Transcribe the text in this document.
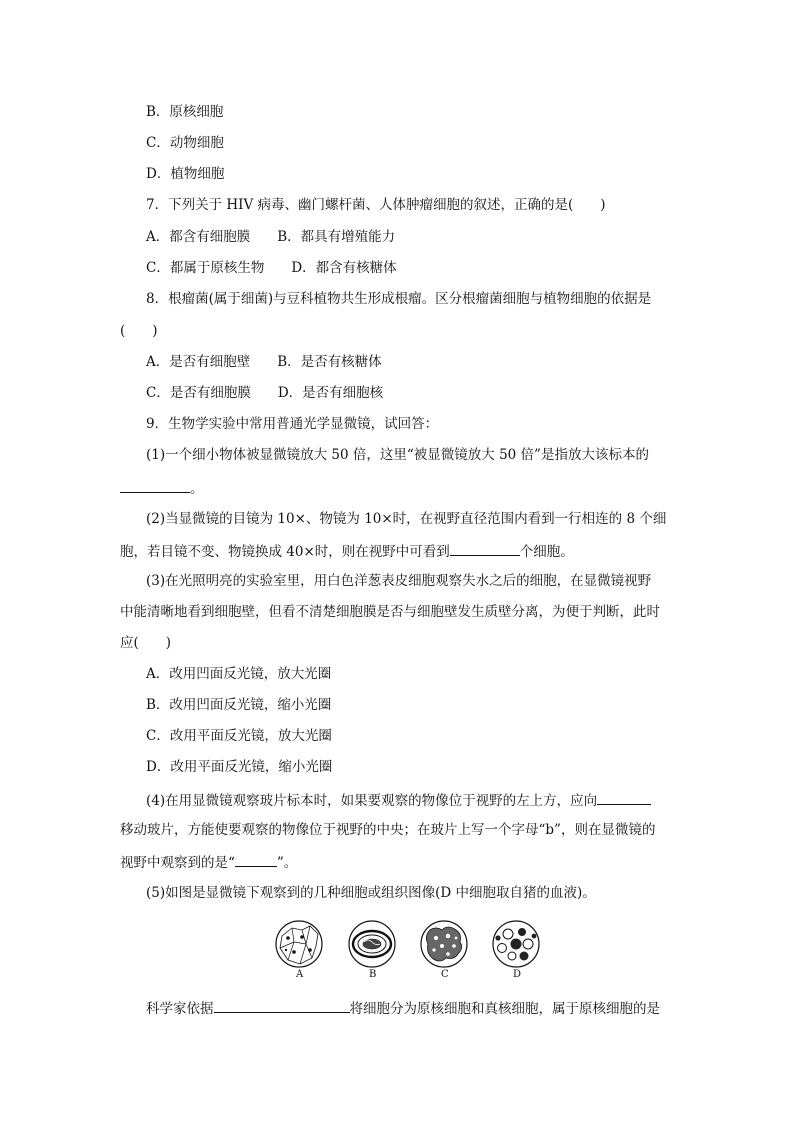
B．原核细胞
C．动物细胞
D．植物细胞
7．下列关于 HIV 病毒、幽门螺杆菌、人体肿瘤细胞的叙述，正确的是(　　)
A．都含有细胞膜　　B．都具有增殖能力
C．都属于原核生物　　D．都含有核糖体
8．根瘤菌(属于细菌)与豆科植物共生形成根瘤。区分根瘤菌细胞与植物细胞的依据是
(　　)
A．是否有细胞壁　　B．是否有核糖体
C．是否有细胞膜　　D．是否有细胞核
9．生物学实验中常用普通光学显微镜，试回答：
(1)一个细小物体被显微镜放大 50 倍，这里“被显微镜放大 50 倍”是指放大该标本的
。
(2)当显微镜的目镜为 10×、物镜为 10×时，在视野直径范围内看到一行相连的 8 个细
胞，若目镜不变、物镜换成 40×时，则在视野中可看到	个细胞。
(3)在光照明亮的实验室里，用白色洋葱表皮细胞观察失水之后的细胞，在显微镜视野
中能清晰地看到细胞壁，但看不清楚细胞膜是否与细胞壁发生质壁分离，为便于判断，此时
应(　　)
A．改用凹面反光镜，放大光圈
B．改用凹面反光镜，缩小光圈
C．改用平面反光镜，放大光圈
D．改用平面反光镜，缩小光圈
(4)在用显微镜观察玻片标本时，如果要观察的物像位于视野的左上方，应向
移动玻片，方能使要观察的物像位于视野的中央；在玻片上写一个字母“b”，则在显微镜的
视野中观察到的是“	”。
(5)如图是显微镜下观察到的几种细胞或组织图像(D 中细胞取自猪的血液)。
A	B	C	D
科学家依据	将细胞分为原核细胞和真核细胞，属于原核细胞的是
